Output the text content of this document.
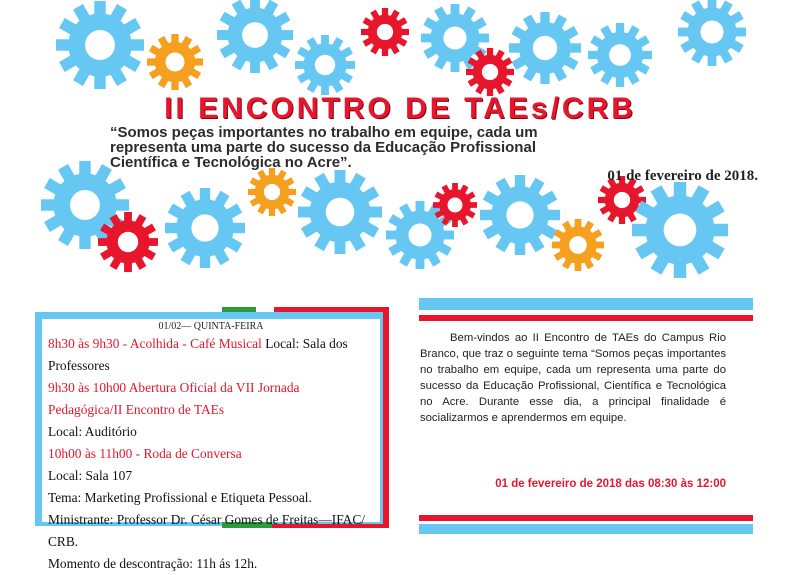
II ENCONTRO DE TAEs/CRB
“Somos peças importantes no trabalho em equipe, cada um
representa uma parte do sucesso da Educação Profissional
Científica e Tecnológica no Acre”.
01 de fevereiro de 2018.
01/02— QUINTA-FEIRA
8h30 às 9h30 - Acolhida - Café Musical Local: Sala dos Professores
9h30 às 10h00 Abertura Oficial da VII Jornada Pedagógica/II Encontro de TAEs
Local: Auditório
10h00 às 11h00 - Roda de Conversa
Local: Sala 107
Tema: Marketing Profissional e Etiqueta Pessoal.
Ministrante: Professor Dr. César Gomes de Freitas—IFAC/ CRB.
Momento de descontração: 11h ás 12h.
Bem-vindos ao II Encontro de TAEs do Campus Rio Branco, que traz o seguinte tema “Somos peças importantes no trabalho em equipe, cada um representa uma parte do sucesso da Educação Profissional, Científica e Tecnológica no Acre. Durante esse dia, a principal finalidade é socializarmos e aprendermos em equipe.
01 de fevereiro de 2018 das 08:30 às 12:00
